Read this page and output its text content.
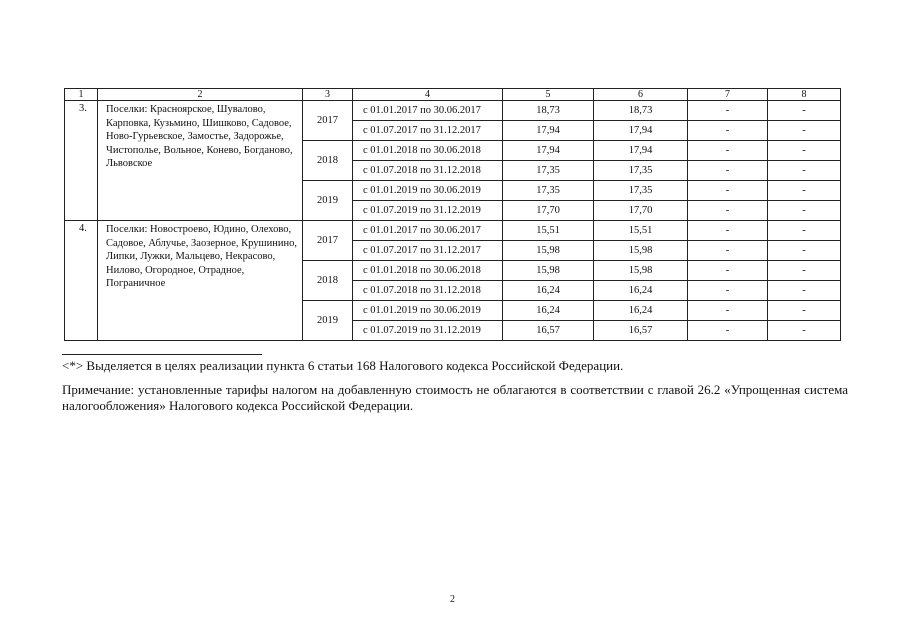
1	2	3	4	5	6	7	8
3.	Поселки: Красноярское, Шувалово, Карповка, Кузьмино, Шишково, Садовое, Ново-Гурьевское, Замостье, Задорожье, Чистополье, Вольное, Конево, Богданово, Львовское	2017	с 01.01.2017 по 30.06.2017	18,73	18,73	-	-
			с 01.07.2017 по 31.12.2017	17,94	17,94	-	-
		2018	с 01.01.2018 по 30.06.2018	17,94	17,94	-	-
			с 01.07.2018 по 31.12.2018	17,35	17,35	-	-
		2019	с 01.01.2019 по 30.06.2019	17,35	17,35	-	-
			с 01.07.2019 по 31.12.2019	17,70	17,70	-	-
4.	Поселки: Новостроево, Юдино, Олехово, Садовое, Аблучье, Заозерное, Крушинино, Липки, Лужки, Мальцево, Некрасово, Нилово, Огородное, Отрадное, Пограничное	2017	с 01.01.2017 по 30.06.2017	15,51	15,51	-	-
			с 01.07.2017 по 31.12.2017	15,98	15,98	-	-
		2018	с 01.01.2018 по 30.06.2018	15,98	15,98	-	-
			с 01.07.2018 по 31.12.2018	16,24	16,24	-	-
		2019	с 01.01.2019 по 30.06.2019	16,24	16,24	-	-
			с 01.07.2019 по 31.12.2019	16,57	16,57	-	-
<*> Выделяется в целях реализации пункта 6 статьи 168 Налогового кодекса Российской Федерации.
Примечание: установленные тарифы налогом на добавленную стоимость не облагаются в соответствии с главой 26.2 «Упрощенная система налогообложения» Налогового кодекса Российской Федерации.
2
